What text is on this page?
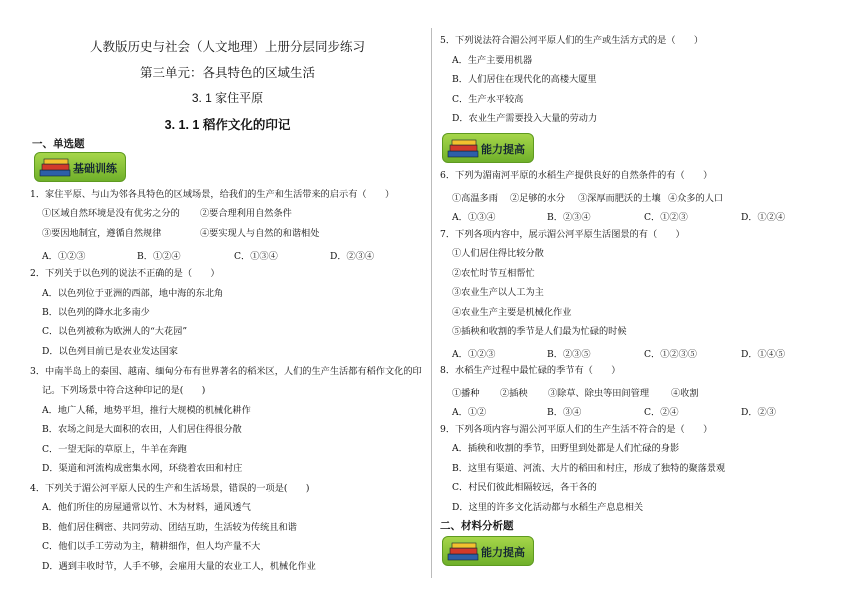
人教版历史与社会（人文地理）上册分层同步练习
第三单元：各具特色的区域生活
3. 1 家住平原
3. 1. 1 稻作文化的印记
一、单选题
基础训练
1．家住平原、与山为邻各具特色的区域场景，给我们的生产和生活带来的启示有（　　）
①区域自然环境是没有优劣之分的 ②要合理利用自然条件
③要因地制宜，遵循自然规律	④要实现人与自然的和谐相处
A．①②③	B．①②④	C．①③④	D．②③④
2．下列关于以色列的说法不正确的是（　　）
A．以色列位于亚洲的西部，地中海的东北角
B．以色列的降水北多南少
C．以色列被称为欧洲人的“大花园”
D．以色列目前已是农业发达国家
3．中南半岛上的泰国、越南、缅甸分布有世界著名的稻米区，人们的生产生活都有稻作文化的印
记。下列场景中符合这种印记的是(　　)
A．地广人稀，地势平坦，推行大规模的机械化耕作
B．农场之间是大面积的农田，人们居住得很分散
C．一望无际的草原上，牛羊在奔跑
D．渠道和河流构成密集水网，环绕着农田和村庄
4．下列关于湄公河平原人民的生产和生活场景，错误的一项是(　　)
A．他们所住的房屋通常以竹、木为材料，通风透气
B．他们居住稠密、共同劳动、团结互助，生活较为传统且和谐
C．他们以手工劳动为主，精耕细作，但人均产量不大
D．遇到丰收时节，人手不够，会雇用大量的农业工人，机械化作业
5．下列说法符合湄公河平原人们的生产或生活方式的是（　　）
A．生产主要用机器
B．人们居住在现代化的高楼大厦里
C．生产水平较高
D．农业生产需要投入大量的劳动力
能力提高
6．下列为湄南河平原的水稻生产提供良好的自然条件的有（　　）
①高温多雨 ②足够的水分 ③深厚而肥沃的土壤 ④众多的人口
A．①③④	B．②③④	C．①②③	D．①②④
7．下列各项内容中，展示湄公河平原生活图景的有（　　）
①人们居住得比较分散
②农忙时节互相帮忙
③农业生产以人工为主
④农业生产主要是机械化作业
⑤插秧和收割的季节是人们最为忙碌的时候
A．①②③	B．②③⑤	C．①②③⑤	D．①④⑤
8．水稻生产过程中最忙碌的季节有（　　）
①播种 ②插秧 ③除草、除虫等田间管理 ④收割
A．①②	B．③④	C．②④	D．②③
9．下列各项内容与湄公河平原人们的生产生活不符合的是（　　）
A．插秧和收割的季节，田野里到处都是人们忙碌的身影
B．这里有渠道、河流、大片的稻田和村庄，形成了独特的聚落景观
C．村民们彼此相隔较远，各干各的
D．这里的许多文化活动都与水稻生产息息相关
二、材料分析题
能力提高
